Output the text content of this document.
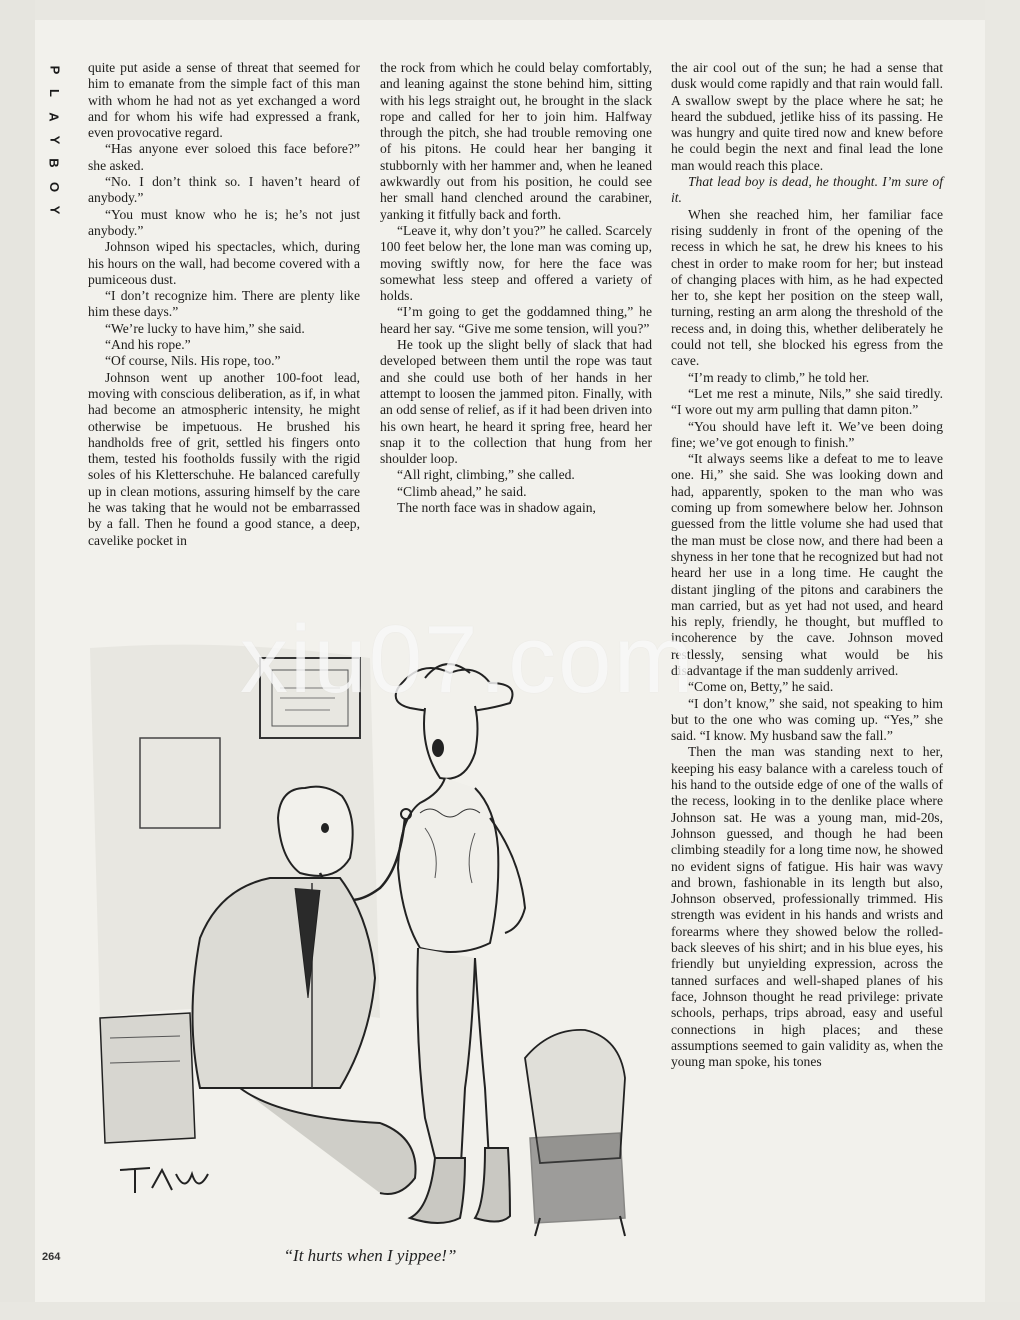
P
L
A
Y
B
O
Y

quite put aside a sense of threat that seemed for him to emanate from the simple fact of this man with whom he had not as yet exchanged a word and for whom his wife had expressed a frank, even provocative regard.

“Has anyone ever soloed this face before?” she asked.

“No. I don’t think so. I haven’t heard of anybody.”

“You must know who he is; he’s not just anybody.”

Johnson wiped his spectacles, which, during his hours on the wall, had become covered with a pumiceous dust.

“I don’t recognize him. There are plenty like him these days.”

“We’re lucky to have him,” she said.

“And his rope.”

“Of course, Nils. His rope, too.”

Johnson went up another 100-foot lead, moving with conscious deliberation, as if, in what had become an atmospheric intensity, he might otherwise be impetuous. He brushed his handholds free of grit, settled his fingers onto them, tested his footholds fussily with the rigid soles of his Kletterschuhe. He balanced carefully up in clean motions, assuring himself by the care he was taking that he would not be embarrassed by a fall. Then he found a good stance, a deep, cavelike pocket in

the rock from which he could belay comfortably, and leaning against the stone behind him, sitting with his legs straight out, he brought in the slack rope and called for her to join him. Halfway through the pitch, she had trouble removing one of his pitons. He could hear her banging it stubbornly with her hammer and, when he leaned awkwardly out from his position, he could see her small hand clenched around the carabiner, yanking it fitfully back and forth.

“Leave it, why don’t you?” he called. Scarcely 100 feet below her, the lone man was coming up, moving swiftly now, for here the face was somewhat less steep and offered a variety of holds.

“I’m going to get the goddamned thing,” he heard her say. “Give me some tension, will you?”

He took up the slight belly of slack that had developed between them until the rope was taut and she could use both of her hands in her attempt to loosen the jammed piton. Finally, with an odd sense of relief, as if it had been driven into his own heart, he heard it spring free, heard her snap it to the collection that hung from her shoulder loop.

“All right, climbing,” she called.

“Climb ahead,” he said.

The north face was in shadow again,

the air cool out of the sun; he had a sense that dusk would come rapidly and that rain would fall. A swallow swept by the place where he sat; he heard the subdued, jetlike hiss of its passing. He was hungry and quite tired now and knew before he could begin the next and final lead the lone man would reach this place.

That lead boy is dead, he thought. I’m sure of it.

When she reached him, her familiar face rising suddenly in front of the opening of the recess in which he sat, he drew his knees to his chest in order to make room for her; but instead of changing places with him, as he had expected her to, she kept her position on the steep wall, turning, resting an arm along the threshold of the recess and, in doing this, whether deliberately he could not tell, she blocked his egress from the cave.

“I’m ready to climb,” he told her.

“Let me rest a minute, Nils,” she said tiredly. “I wore out my arm pulling that damn piton.”

“You should have left it. We’ve been doing fine; we’ve got enough to finish.”

“It always seems like a defeat to me to leave one. Hi,” she said. She was looking down and had, apparently, spoken to the man who was coming up from somewhere below her. Johnson guessed from the little volume she had used that the man must be close now, and there had been a shyness in her tone that he recognized but had not heard her use in a long time. He caught the distant jingling of the pitons and carabiners the man carried, but as yet had not used, and heard his reply, friendly, he thought, but muffled to incoherence by the cave. Johnson moved restlessly, sensing what would be his disadvantage if the man suddenly arrived.

“Come on, Betty,” he said.

“I don’t know,” she said, not speaking to him but to the one who was coming up. “Yes,” she said. “I know. My husband saw the fall.”

Then the man was standing next to her, keeping his easy balance with a careless touch of his hand to the outside edge of one of the walls of the recess, looking in to the denlike place where Johnson sat. He was a young man, mid-20s, Johnson guessed, and though he had been climbing steadily for a long time now, he showed no evident signs of fatigue. His hair was wavy and brown, fashionable in its length but also, Johnson observed, professionally trimmed. His strength was evident in his hands and wrists and forearms where they showed below the rolled-back sleeves of his shirt; and in his blue eyes, his friendly but unyielding expression, across the tanned surfaces and well-shaped planes of his face, Johnson thought he read privilege: private schools, perhaps, trips abroad, easy and useful connections in high places; and these assumptions seemed to gain validity as, when the young man spoke, his tones

“It hurts when I yippee!”
264
xiu07.com
